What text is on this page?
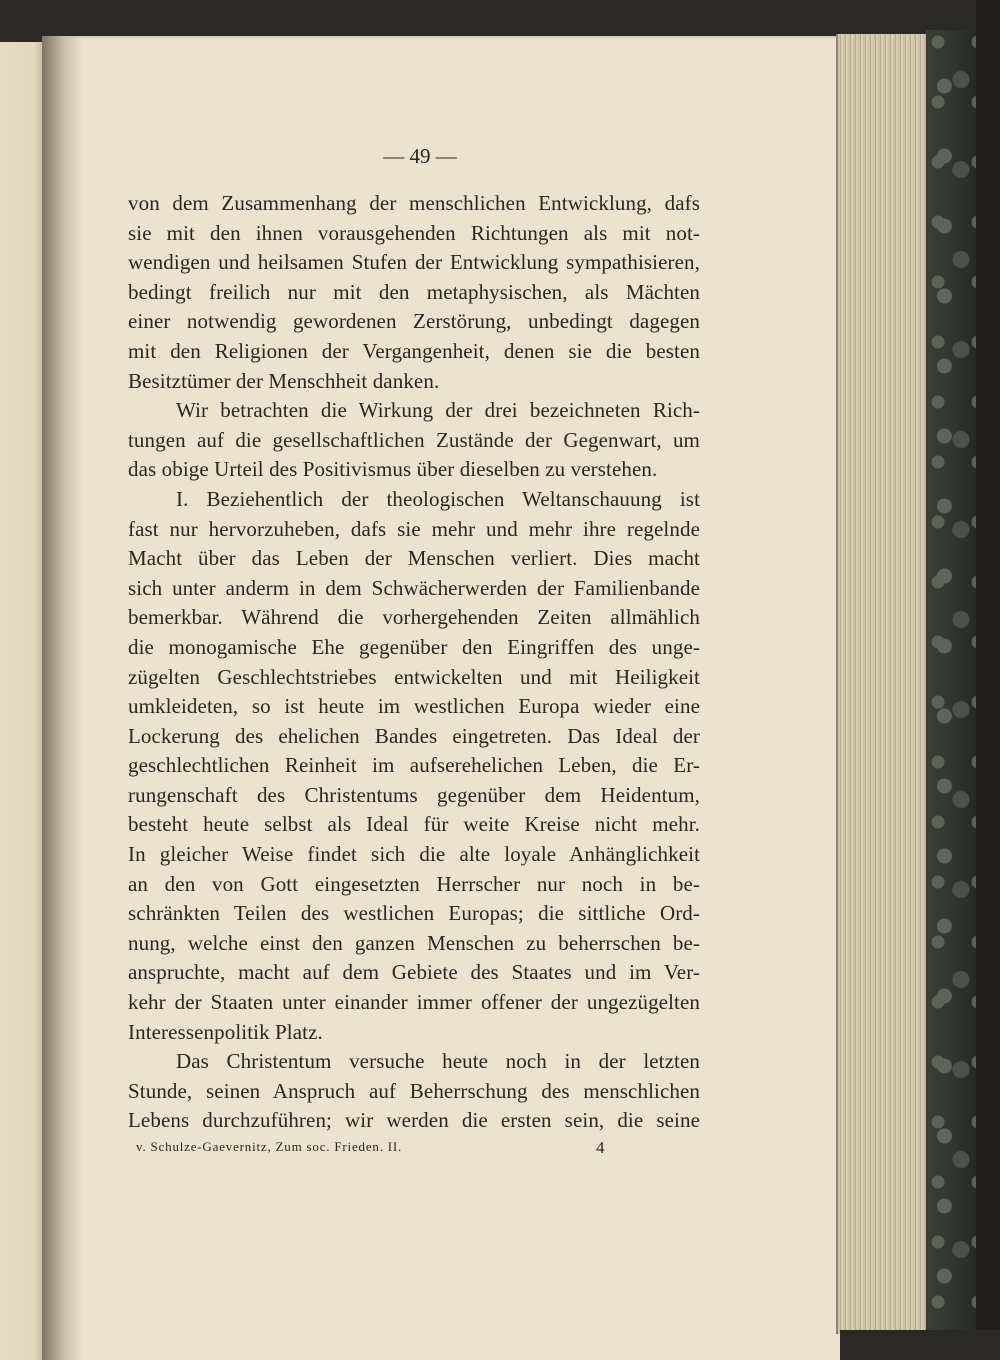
— 49 —
von dem Zusammenhang der menschlichen Entwicklung, dafs
sie mit den ihnen vorausgehenden Richtungen als mit not-
wendigen und heilsamen Stufen der Entwicklung sympathisieren,
bedingt freilich nur mit den metaphysischen, als Mächten
einer notwendig gewordenen Zerstörung, unbedingt dagegen
mit den Religionen der Vergangenheit, denen sie die besten
Besitztümer der Menschheit danken.
Wir betrachten die Wirkung der drei bezeichneten Rich-
tungen auf die gesellschaftlichen Zustände der Gegenwart, um
das obige Urteil des Positivismus über dieselben zu verstehen.
I. Beziehentlich der theologischen Weltanschauung ist
fast nur hervorzuheben, dafs sie mehr und mehr ihre regelnde
Macht über das Leben der Menschen verliert. Dies macht
sich unter anderm in dem Schwächerwerden der Familienbande
bemerkbar. Während die vorhergehenden Zeiten allmählich
die monogamische Ehe gegenüber den Eingriffen des unge-
zügelten Geschlechtstriebes entwickelten und mit Heiligkeit
umkleideten, so ist heute im westlichen Europa wieder eine
Lockerung des ehelichen Bandes eingetreten. Das Ideal der
geschlechtlichen Reinheit im aufserehelichen Leben, die Er-
rungenschaft des Christentums gegenüber dem Heidentum,
besteht heute selbst als Ideal für weite Kreise nicht mehr.
In gleicher Weise findet sich die alte loyale Anhänglichkeit
an den von Gott eingesetzten Herrscher nur noch in be-
schränkten Teilen des westlichen Europas; die sittliche Ord-
nung, welche einst den ganzen Menschen zu beherrschen be-
anspruchte, macht auf dem Gebiete des Staates und im Ver-
kehr der Staaten unter einander immer offener der ungezügelten
Interessenpolitik Platz.
Das Christentum versuche heute noch in der letzten
Stunde, seinen Anspruch auf Beherrschung des menschlichen
Lebens durchzuführen; wir werden die ersten sein, die seine
v. Schulze-Gaevernitz, Zum soc. Frieden. II.	4
